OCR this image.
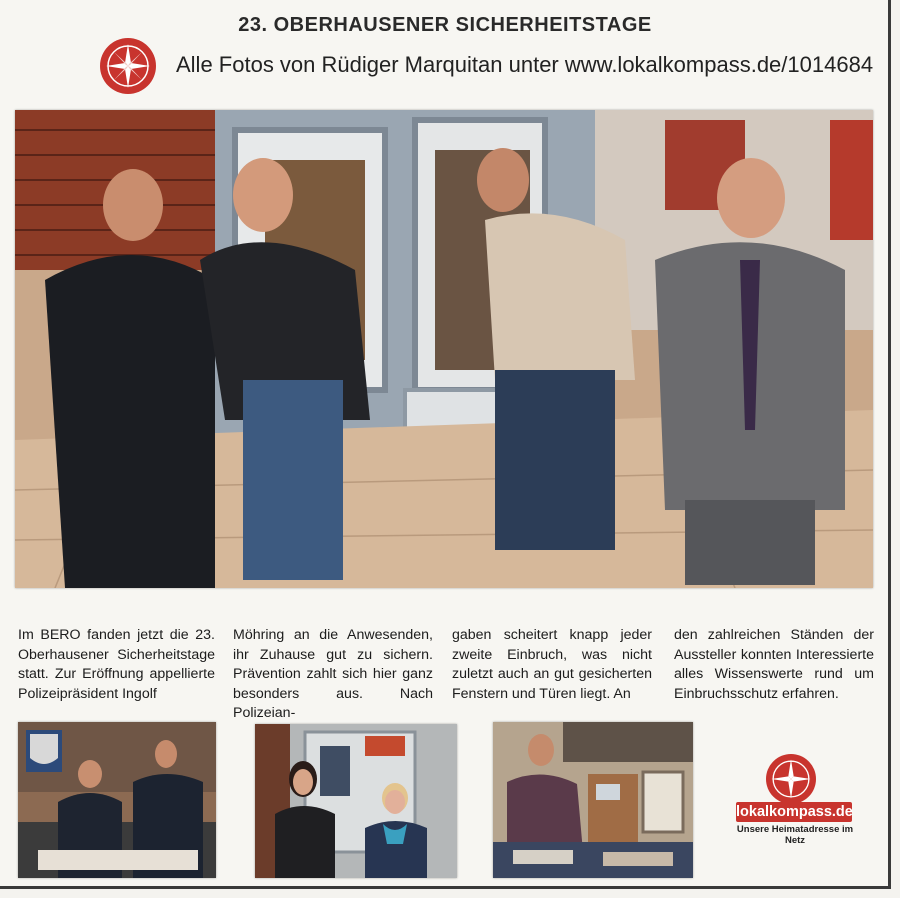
23. OBERHAUSENER SICHERHEITSTAGE
Alle Fotos von Rüdiger Marquitan unter www.lokalkompass.de/1014684
Im BERO fanden jetzt die 23. Oberhausener Sicherheitstage statt. Zur Eröffnung appellierte Polizeipräsident Ingolf
Möhring an die Anwesenden, ihr Zuhause gut zu sichern. Prävention zahlt sich hier ganz besonders aus. Nach Polizeian-
gaben scheitert knapp jeder zweite Einbruch, was nicht zuletzt auch an gut gesicherten Fenstern und Türen liegt. An
den zahlreichen Ständen der Aussteller konnten Interessierte alles Wissenswerte rund um Einbruchsschutz erfahren.
lokalkompass.de
Unsere Heimatadresse im Netz
